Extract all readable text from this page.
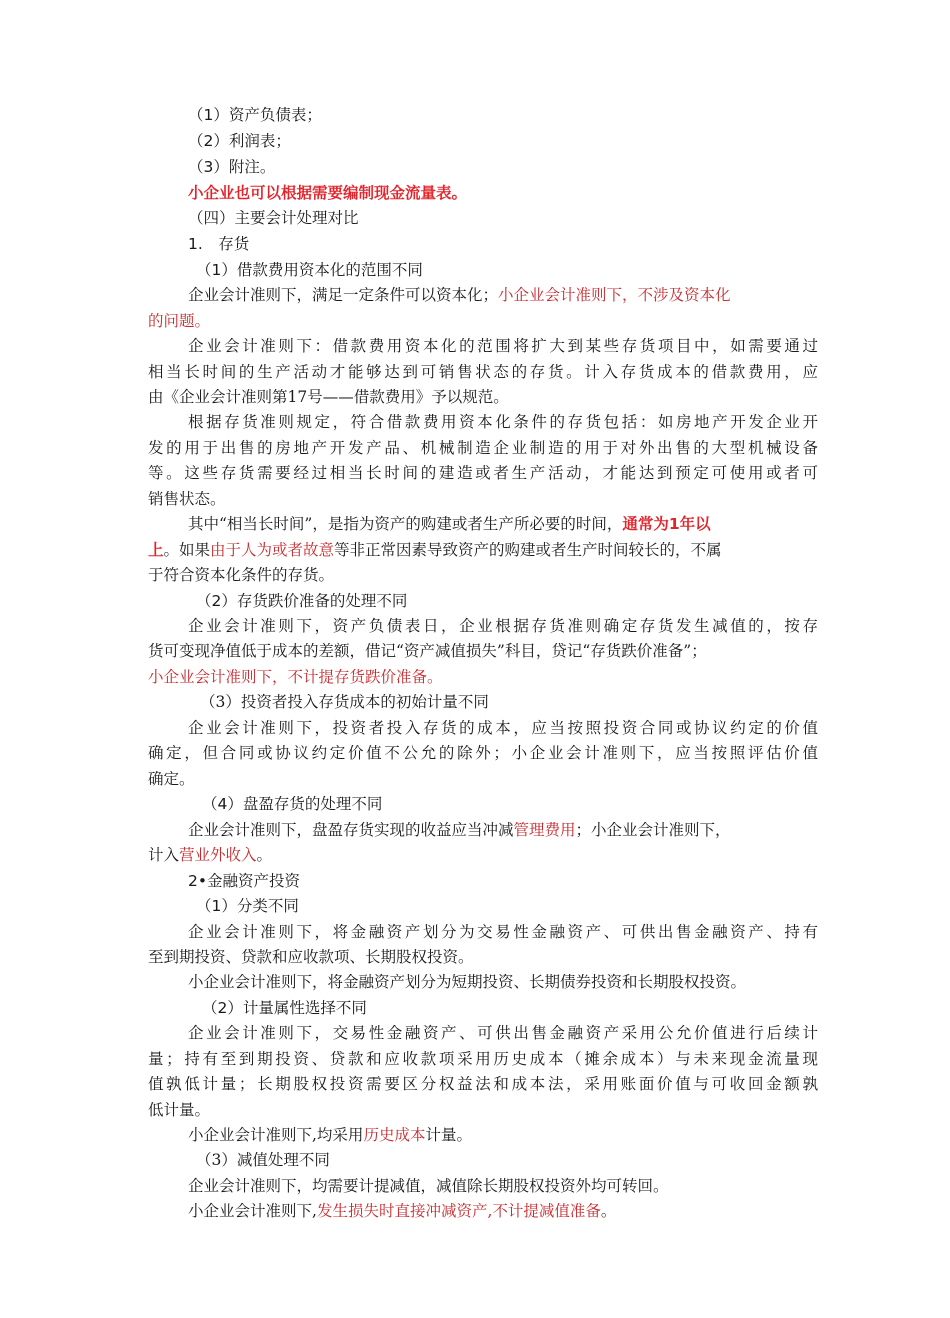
（1）资产负债表；
（2）利润表；
（3）附注。
小企业也可以根据需要编制现金流量表。
（四）主要会计处理对比
1.　存货
（1）借款费用资本化的范围不同
企业会计准则下，满足一定条件可以资本化；小企业会计准则下，不涉及资本化
的问题。
企业会计准则下：借款费用资本化的范围将扩大到某些存货项目中，如需要通过
相当长时间的生产活动才能够达到可销售状态的存货。计入存货成本的借款费用，应
由《企业会计准则第17号——借款费用》予以规范。
根据存货准则规定，符合借款费用资本化条件的存货包括：如房地产开发企业开
发的用于出售的房地产开发产品、机械制造企业制造的用于对外出售的大型机械设备
等。这些存货需要经过相当长时间的建造或者生产活动，才能达到预定可使用或者可
销售状态。
其中“相当长时间”，是指为资产的购建或者生产所必要的时间，通常为1年以
上。如果由于人为或者故意等非正常因素导致资产的购建或者生产时间较长的，不属
于符合资本化条件的存货。
（2）存货跌价准备的处理不同
企业会计准则下，资产负债表日，企业根据存货准则确定存货发生减值的，按存
货可变现净值低于成本的差额，借记“资产减值损失”科目，贷记“存货跌价准备”；
小企业会计准则下，不计提存货跌价准备。
（3）投资者投入存货成本的初始计量不同
企业会计准则下，投资者投入存货的成本，应当按照投资合同或协议约定的价值
确定，但合同或协议约定价值不公允的除外；小企业会计准则下，应当按照评估价值
确定。
（4）盘盈存货的处理不同
企业会计准则下，盘盈存货实现的收益应当冲减管理费用；小企业会计准则下，
计入营业外收入。
2•金融资产投资
（1）分类不同
企业会计准则下，将金融资产划分为交易性金融资产、可供出售金融资产、持有
至到期投资、贷款和应收款项、长期股权投资。
小企业会计准则下，将金融资产划分为短期投资、长期债券投资和长期股权投资。
（2）计量属性选择不同
企业会计准则下，交易性金融资产、可供出售金融资产采用公允价值进行后续计
量；持有至到期投资、贷款和应收款项采用历史成本（摊余成本）与未来现金流量现
值孰低计量；长期股权投资需要区分权益法和成本法，采用账面价值与可收回金额孰
低计量。
小企业会计准则下,均采用历史成本计量。
（3）减值处理不同
企业会计准则下，均需要计提减值，减值除长期股权投资外均可转回。
小企业会计准则下,发生损失时直接冲减资产,不计提减值准备。
